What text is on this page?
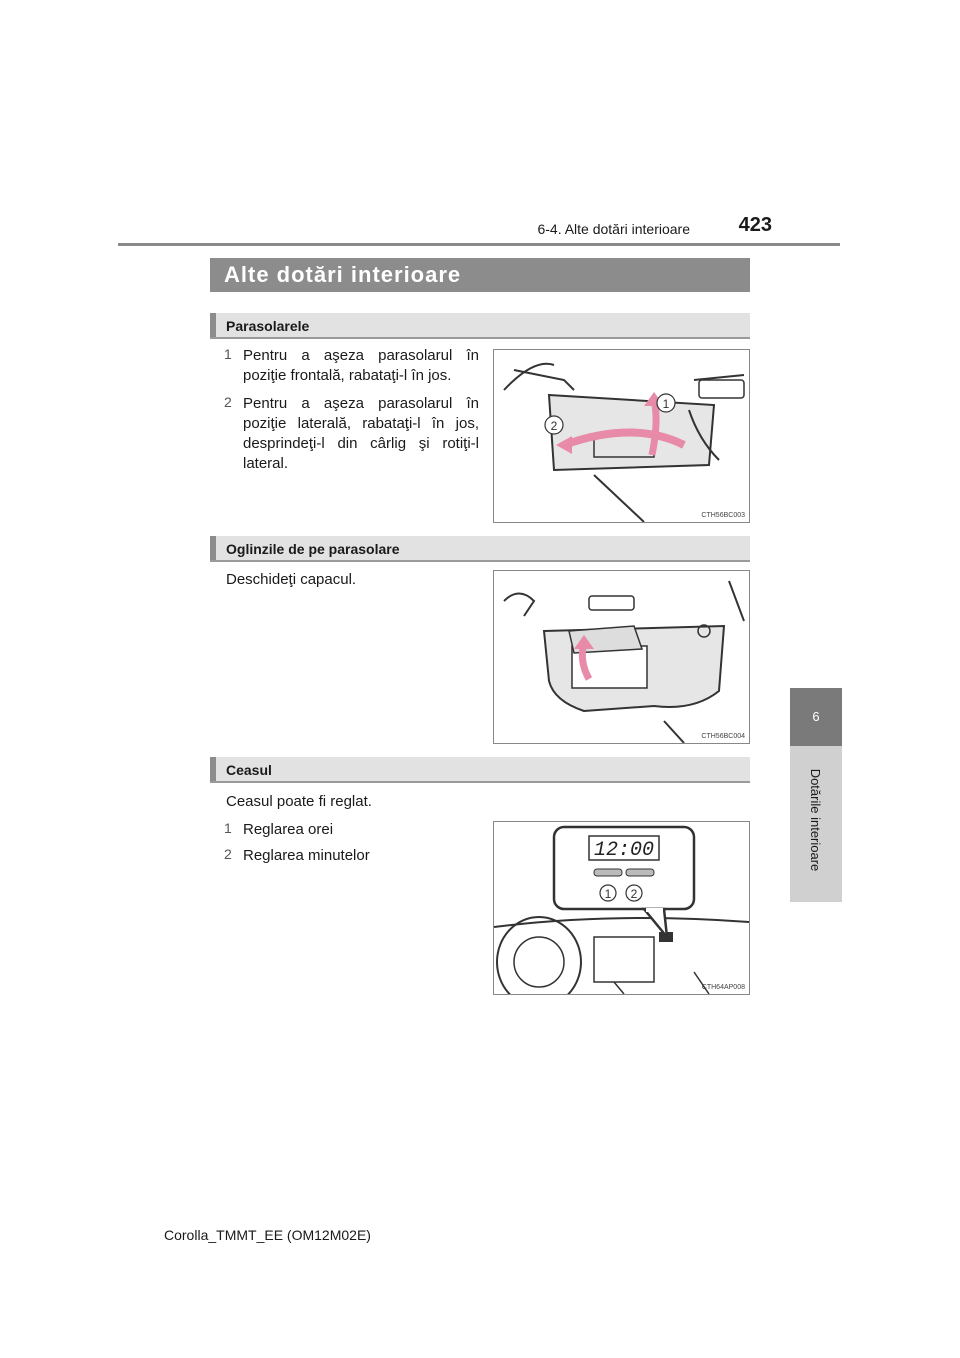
6-4. Alte dotări interioare	423
6
Dotările interioare
Alte dotări interioare
Parasolarele
1 Pentru a aşeza parasolarul în poziţie frontală, rabataţi-l în jos.
2 Pentru a aşeza parasolarul în poziţie laterală, rabataţi-l în jos, desprindeţi-l din cârlig şi rotiţi-l lateral.
2
1
CTH56BC003
Oglinzile de pe parasolare
Deschideţi capacul.
CTH56BC004
Ceasul
Ceasul poate fi reglat.
1 Reglarea orei
2 Reglarea minutelor	12:00
1 2
CTH64AP008
Corolla_TMMT_EE (OM12M02E)
